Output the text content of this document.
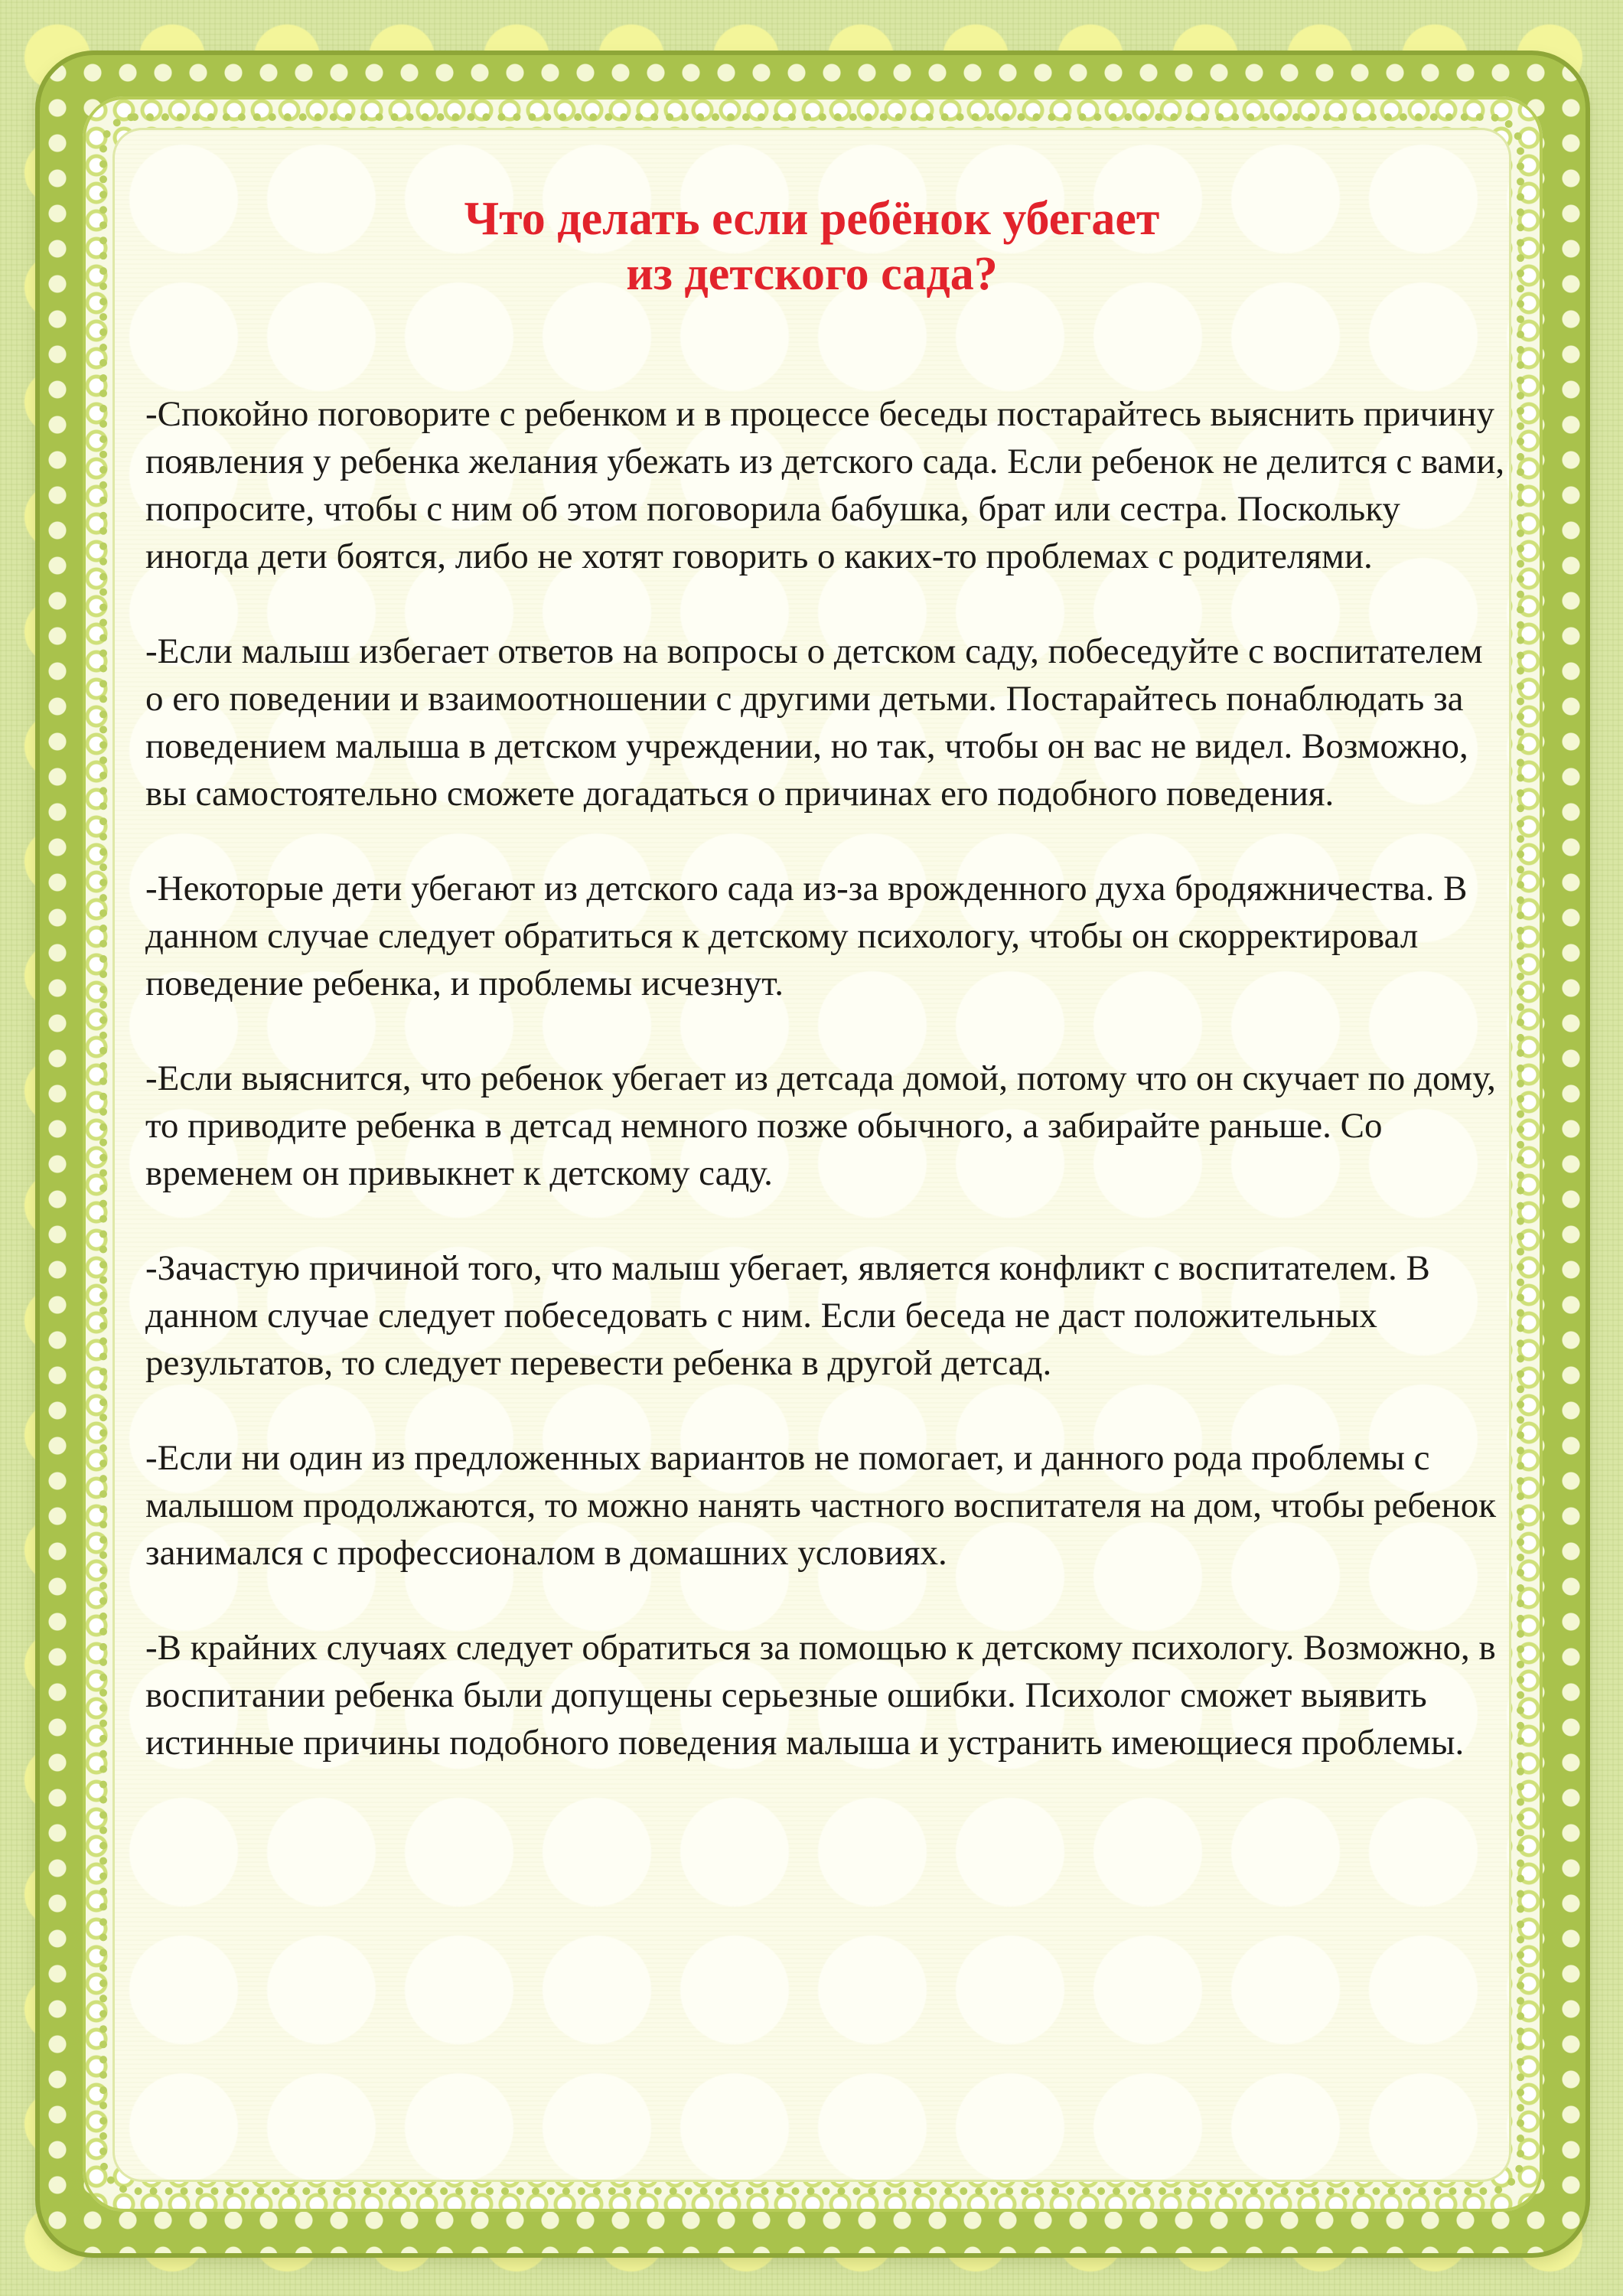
Что делать если ребёнок убегает
из детского сада?

-Спокойно поговорите с ребенком и в процессе беседы постарайтесь выяснить причину появления у ребенка желания убежать из детского сада. Если ребенок не делится с вами, попросите, чтобы с ним об этом поговорила бабушка, брат или сестра. Поскольку иногда дети боятся, либо не хотят говорить о каких-то проблемах с родителями.

-Если малыш избегает ответов на вопросы о детском саду, побеседуйте с воспитателем о его поведении и взаимоотношении с другими детьми. Постарайтесь понаблюдать за поведением малыша в детском учреждении, но так, чтобы он вас не видел. Возможно, вы самостоятельно сможете догадаться о причинах его подобного поведения.

-Некоторые дети убегают из детского сада из-за врожденного духа бродяжничества. В данном случае следует обратиться к детскому психологу, чтобы он скорректировал поведение ребенка, и проблемы исчезнут.

-Если выяснится, что ребенок убегает из детсада домой, потому что он скучает по дому, то приводите ребенка в детсад немного позже обычного, а забирайте раньше. Со временем он привыкнет к детскому саду.

-Зачастую причиной того, что малыш убегает, является конфликт с воспитателем. В данном случае следует побеседовать с ним. Если беседа не даст положительных результатов, то следует перевести ребенка в другой детсад.

-Если ни один из предложенных вариантов не помогает, и данного рода проблемы с малышом продолжаются, то можно нанять частного воспитателя на дом, чтобы ребенок занимался с профессионалом в домашних условиях.

-В крайних случаях следует обратиться за помощью к детскому психологу. Возможно, в воспитании ребенка были допущены серьезные ошибки. Психолог сможет выявить истинные причины подобного поведения малыша и устранить имеющиеся проблемы.
